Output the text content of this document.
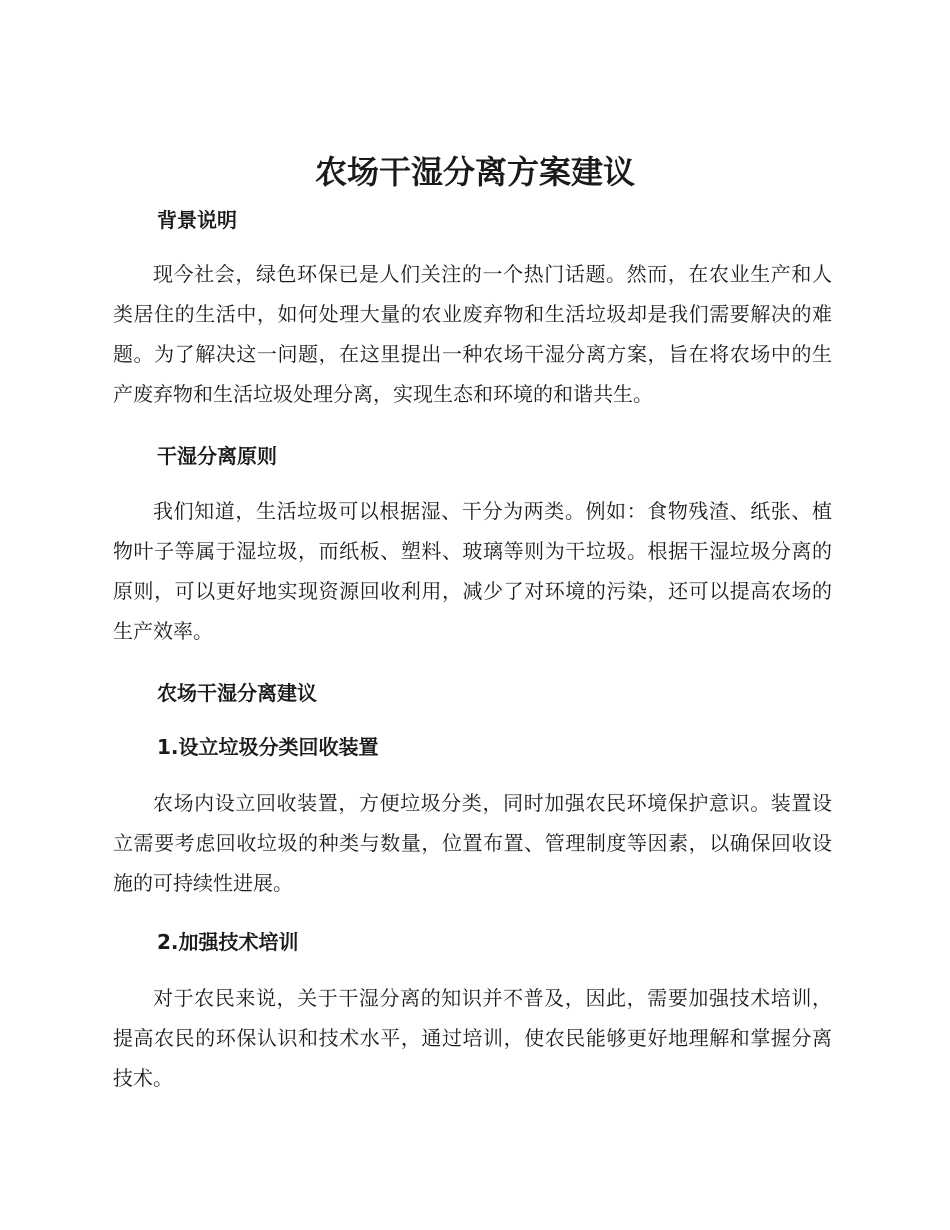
农场干湿分离方案建议
背景说明

现今社会，绿色环保已是人们关注的一个热门话题。然而，在农业生产和人类居住的生活中，如何处理大量的农业废弃物和生活垃圾却是我们需要解决的难题。为了解决这一问题，在这里提出一种农场干湿分离方案，旨在将农场中的生产废弃物和生活垃圾处理分离，实现生态和环境的和谐共生。

干湿分离原则

我们知道，生活垃圾可以根据湿、干分为两类。例如：食物残渣、纸张、植物叶子等属于湿垃圾，而纸板、塑料、玻璃等则为干垃圾。根据干湿垃圾分离的原则，可以更好地实现资源回收利用，减少了对环境的污染，还可以提高农场的生产效率。

农场干湿分离建议
1.设立垃圾分类回收装置

农场内设立回收装置，方便垃圾分类，同时加强农民环境保护意识。装置设立需要考虑回收垃圾的种类与数量，位置布置、管理制度等因素，以确保回收设施的可持续性进展。

2.加强技术培训

对于农民来说，关于干湿分离的知识并不普及，因此，需要加强技术培训，提高农民的环保认识和技术水平，通过培训，使农民能够更好地理解和掌握分离技术。
